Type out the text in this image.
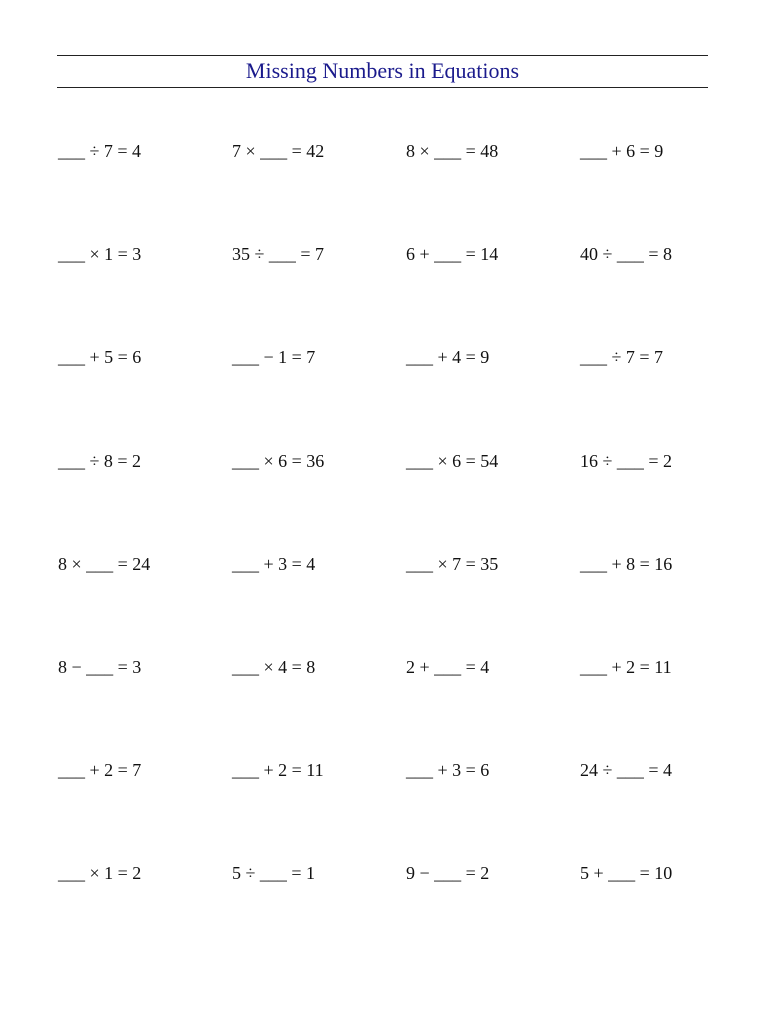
Missing Numbers in Equations
___ ÷ 7 = 4	7 × ___ = 42	8 × ___ = 48	___ + 6 = 9
___ × 1 = 3	35 ÷ ___ = 7	6 + ___ = 14	40 ÷ ___ = 8
___ + 5 = 6	___ − 1 = 7	___ + 4 = 9	___ ÷ 7 = 7
___ ÷ 8 = 2	___ × 6 = 36	___ × 6 = 54	16 ÷ ___ = 2
8 × ___ = 24	___ + 3 = 4	___ × 7 = 35	___ + 8 = 16
8 − ___ = 3	___ × 4 = 8	2 + ___ = 4	___ + 2 = 11
___ + 2 = 7	___ + 2 = 11	___ + 3 = 6	24 ÷ ___ = 4
___ × 1 = 2	5 ÷ ___ = 1	9 − ___ = 2	5 + ___ = 10
